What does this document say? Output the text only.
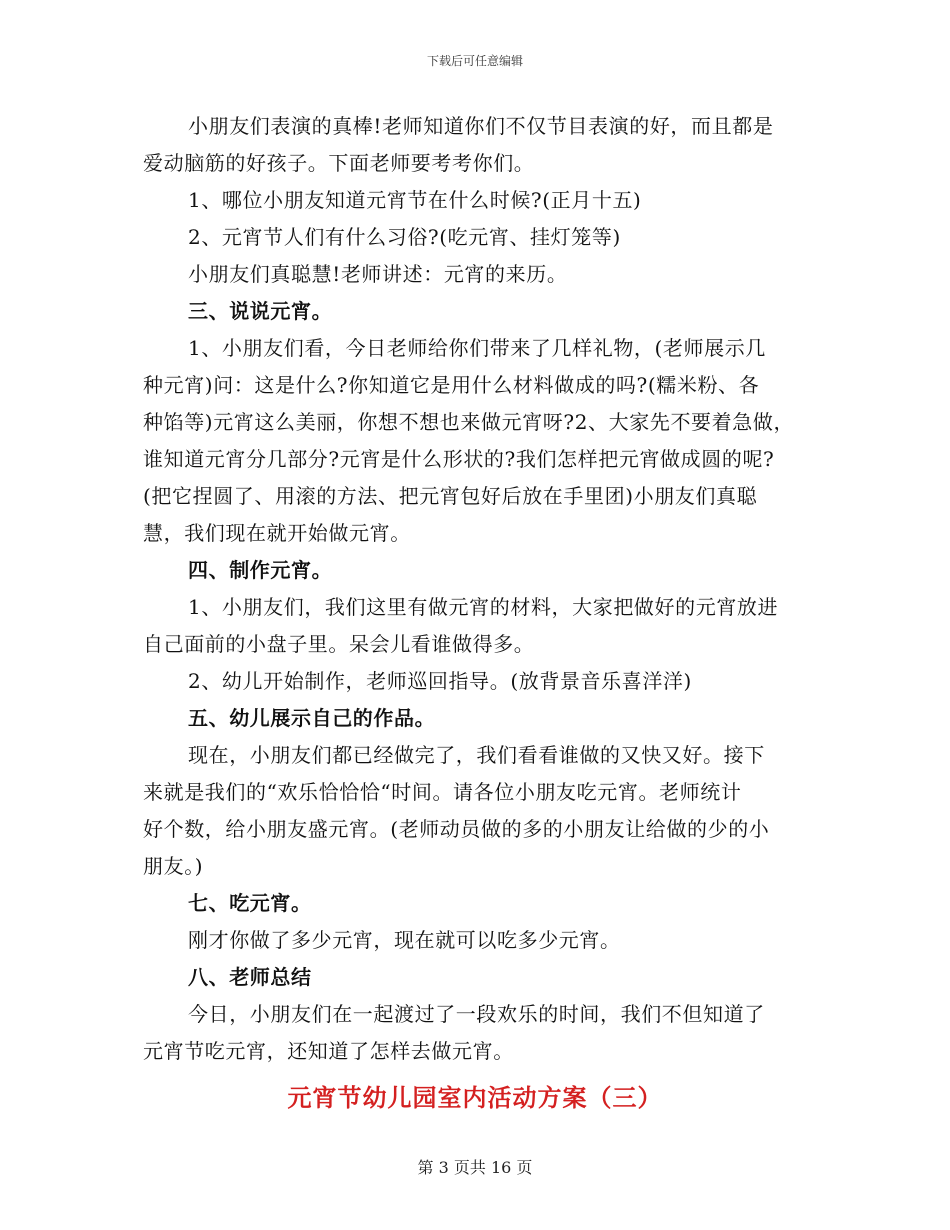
下载后可任意编辑
小朋友们表演的真棒!老师知道你们不仅节目表演的好，而且都是
爱动脑筋的好孩子。下面老师要考考你们。
1、哪位小朋友知道元宵节在什么时候?(正月十五)
2、元宵节人们有什么习俗?(吃元宵、挂灯笼等)
小朋友们真聪慧!老师讲述：元宵的来历。
三、说说元宵。
1、小朋友们看，今日老师给你们带来了几样礼物，(老师展示几
种元宵)问：这是什么?你知道它是用什么材料做成的吗?(糯米粉、各
种馅等)元宵这么美丽，你想不想也来做元宵呀?2、大家先不要着急做，
谁知道元宵分几部分?元宵是什么形状的?我们怎样把元宵做成圆的呢?
(把它捏圆了、用滚的方法、把元宵包好后放在手里团)小朋友们真聪
慧，我们现在就开始做元宵。
四、制作元宵。
1、小朋友们，我们这里有做元宵的材料，大家把做好的元宵放进
自己面前的小盘子里。呆会儿看谁做得多。
2、幼儿开始制作，老师巡回指导。(放背景音乐喜洋洋)
五、幼儿展示自己的作品。
现在，小朋友们都已经做完了，我们看看谁做的又快又好。接下
来就是我们的“欢乐恰恰恰“时间。请各位小朋友吃元宵。老师统计
好个数，给小朋友盛元宵。(老师动员做的多的小朋友让给做的少的小
朋友。)
七、吃元宵。
刚才你做了多少元宵，现在就可以吃多少元宵。
八、老师总结
今日，小朋友们在一起渡过了一段欢乐的时间，我们不但知道了
元宵节吃元宵，还知道了怎样去做元宵。
元宵节幼儿园室内活动方案（三）
第 3 页共 16 页
